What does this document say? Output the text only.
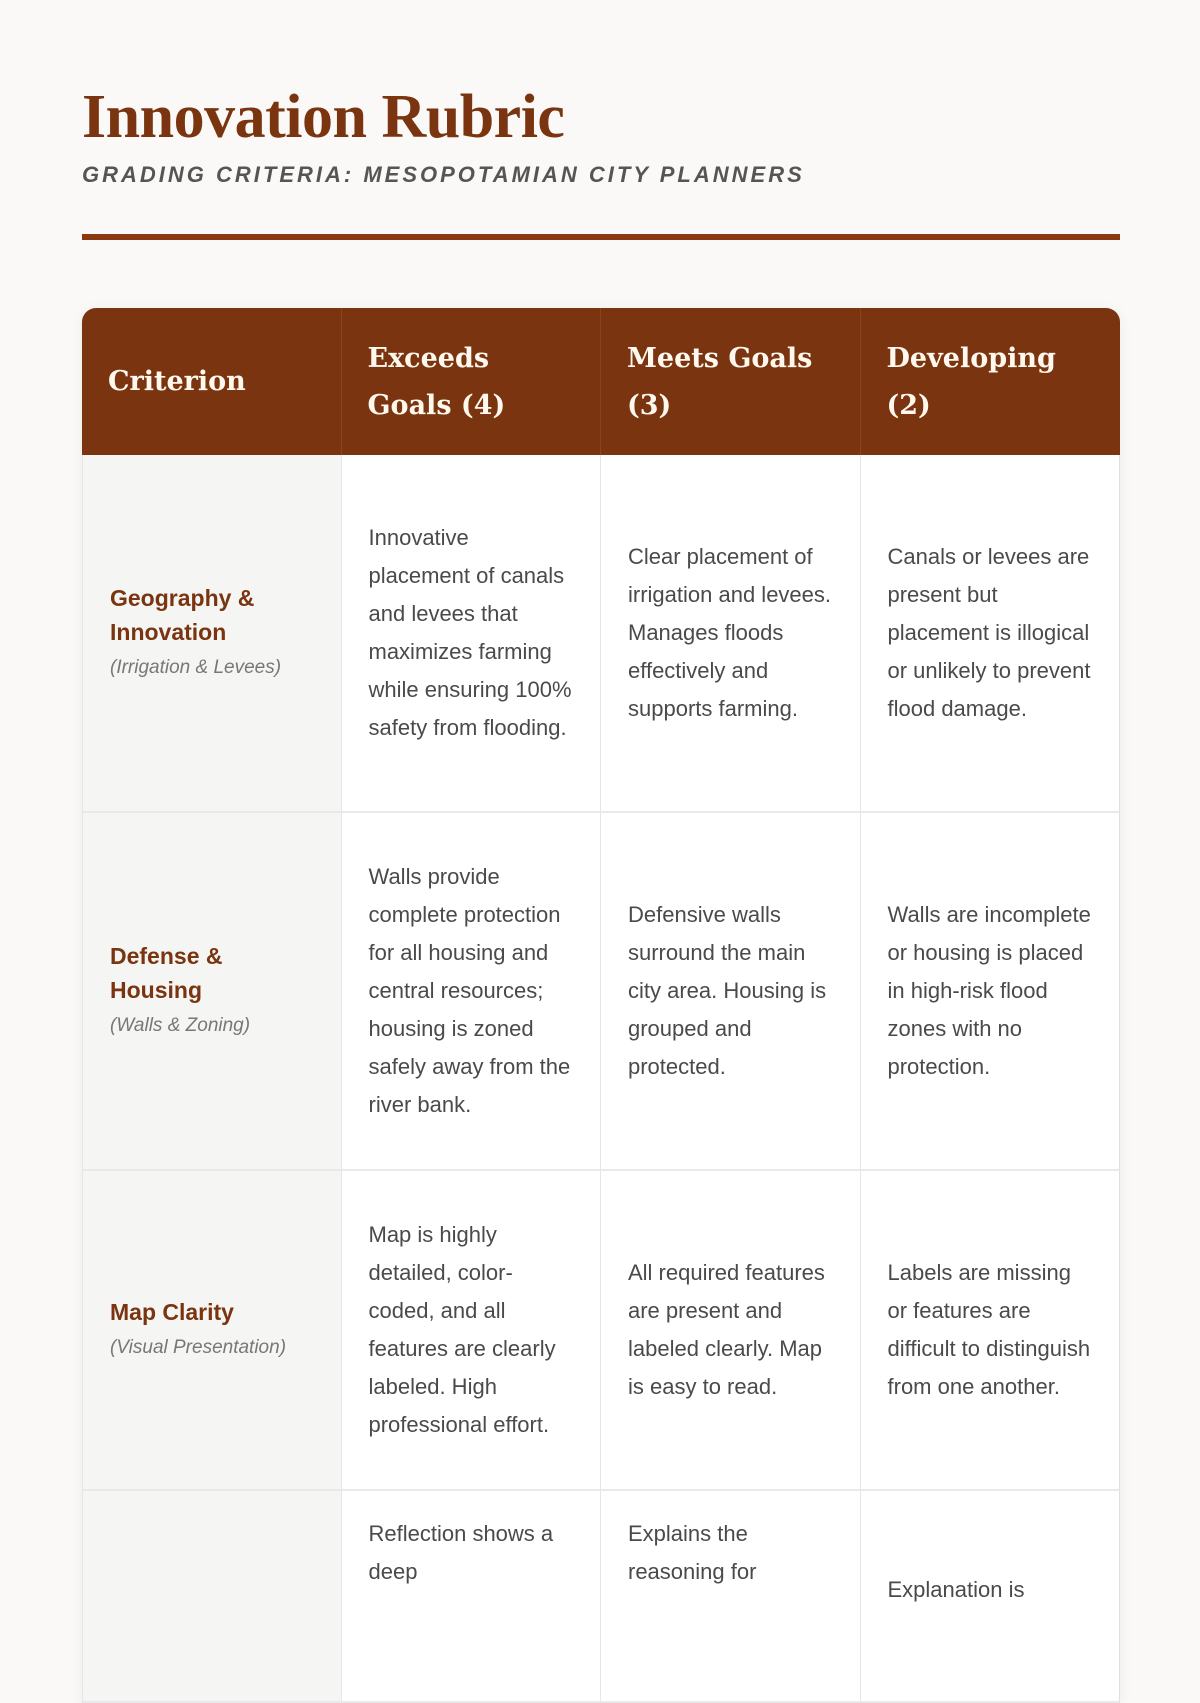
Innovation Rubric
GRADING CRITERIA: MESOPOTAMIAN CITY PLANNERS
Criterion	Exceeds Goals (4)	Meets Goals (3)	Developing (2)

Geography & Innovation
(Irrigation & Levees)	Innovative placement of canals and levees that maximizes farming while ensuring 100% safety from flooding.	Clear placement of irrigation and levees. Manages floods effectively and supports farming.	Canals or levees are present but placement is illogical or unlikely to prevent flood damage.

Defense & Housing
(Walls & Zoning)	Walls provide complete protection for all housing and central resources; housing is zoned safely away from the river bank.	Defensive walls surround the main city area. Housing is grouped and protected.	Walls are incomplete or housing is placed in high-risk flood zones with no protection.

Map Clarity
(Visual Presentation)	Map is highly detailed, color-coded, and all features are clearly labeled. High professional effort.	All required features are present and labeled clearly. Map is easy to read.	Labels are missing or features are difficult to distinguish from one another.
	Reflection shows a deep	Explains the reasoning for	Explanation is
